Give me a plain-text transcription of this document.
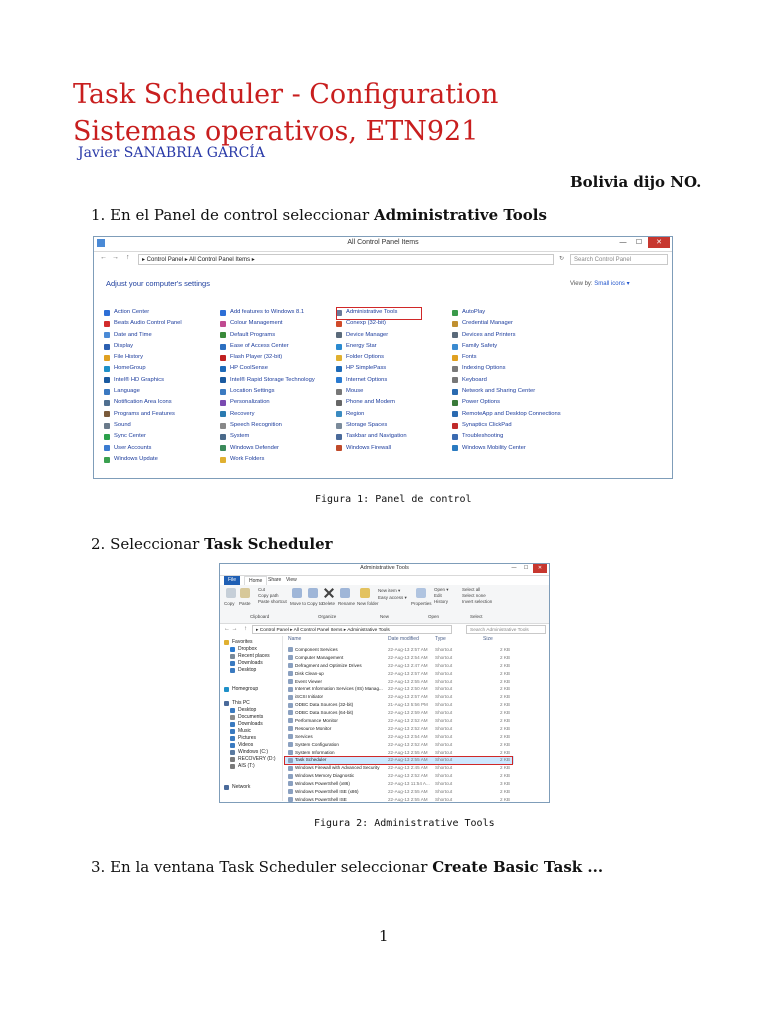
Task Scheduler - Configuration
Sistemas operativos, ETN921
Javier SANABRIA GARCÍA
Bolivia dijo NO.
1. En el Panel de control seleccionar Administrative Tools
All Control Panel Items	—	☐	✕
← → ↑	▸ Control Panel ▸ All Control Panel Items ▸	↻	Search Control Panel
Adjust your computer's settings	View by: Small icons ▾
Action Center
Beats Audio Control Panel
Date and Time
Display
File History
HomeGroup
Intel® HD Graphics
Language
Notification Area Icons
Programs and Features
Sound
Sync Center
User Accounts
Windows Update
Add features to Windows 8.1
Colour Management
Default Programs
Ease of Access Center
Flash Player (32-bit)
HP CoolSense
Intel® Rapid Storage Technology
Location Settings
Personalization
Recovery
Speech Recognition
System
Windows Defender
Work Folders
Administrative Tools
Conexp (32-bit)
Device Manager
Energy Star
Folder Options
HP SimplePass
Internet Options
Mouse
Phone and Modem
Region
Storage Spaces
Taskbar and Navigation
Windows Firewall
AutoPlay
Credential Manager
Devices and Printers
Family Safety
Fonts
Indexing Options
Keyboard
Network and Sharing Center
Power Options
RemoteApp and Desktop Connections
Synaptics ClickPad
Troubleshooting
Windows Mobility Center
Figura 1: Panel de control
2. Seleccionar Task Scheduler
Administrative Tools	—	☐	✕
File	Home	Share View
Copy Paste
Cut
Copy path
Paste shortcut
Clipboard
Move to Copy to Delete Rename
Organize
New folder
New item ▾
Easy access ▾
New
Properties
Open ▾
Edit
History
Open
Select all
Select none
Invert selection
Select
← → ↑	▸ Control Panel ▸ All Control Panel Items ▸ Administrative Tools	Search Administrative Tools
Favorites
Dropbox
Recent places
Downloads
Desktop
Homegroup
This PC
Desktop
Documents
Downloads
Music
Pictures
Videos
Windows (C:)
RECOVERY (D:)
AIS (T:)
Network
Name	Date modified	Type	Size
Component Services	22-Aug-13 2:57 AM Shortcut	2 KB
Computer Management	22-Aug-13 2:54 AM Shortcut	2 KB
Defragment and Optimize Drives	22-Aug-13 2:47 AM Shortcut	2 KB
Disk Clean-up	22-Aug-13 2:57 AM Shortcut	2 KB
Event Viewer	22-Aug-13 2:55 AM Shortcut	2 KB
Internet Information Services (IIS) Manag... 22-Aug-13 2:50 AM Shortcut	2 KB
iSCSI Initiator	22-Aug-13 2:57 AM Shortcut	2 KB
ODBC Data Sources (32-bit)	21-Aug-13 5:56 PM Shortcut	2 KB
ODBC Data Sources (64-bit)	22-Aug-13 2:59 AM Shortcut	2 KB
Performance Monitor	22-Aug-13 2:52 AM Shortcut	2 KB
Resource Monitor	22-Aug-13 2:52 AM Shortcut	2 KB
Services	22-Aug-13 2:54 AM Shortcut	2 KB
System Configuration	22-Aug-13 2:52 AM Shortcut	2 KB
System Information	22-Aug-13 2:55 AM Shortcut	2 KB
Task Scheduler	22-Aug-13 2:55 AM Shortcut	2 KB
Windows Firewall with Advanced Security 22-Aug-13 2:45 AM Shortcut	2 KB
Windows Memory Diagnostic	22-Aug-13 2:52 AM Shortcut	2 KB
Windows PowerShell (x86)	22-Aug-13 11:54 A... Shortcut	3 KB
Windows PowerShell ISE (x86)	22-Aug-13 2:55 AM Shortcut	2 KB
Windows PowerShell ISE	22-Aug-13 2:55 AM Shortcut	2 KB
Figura 2: Administrative Tools
3. En la ventana Task Scheduler seleccionar Create Basic Task ...
1
